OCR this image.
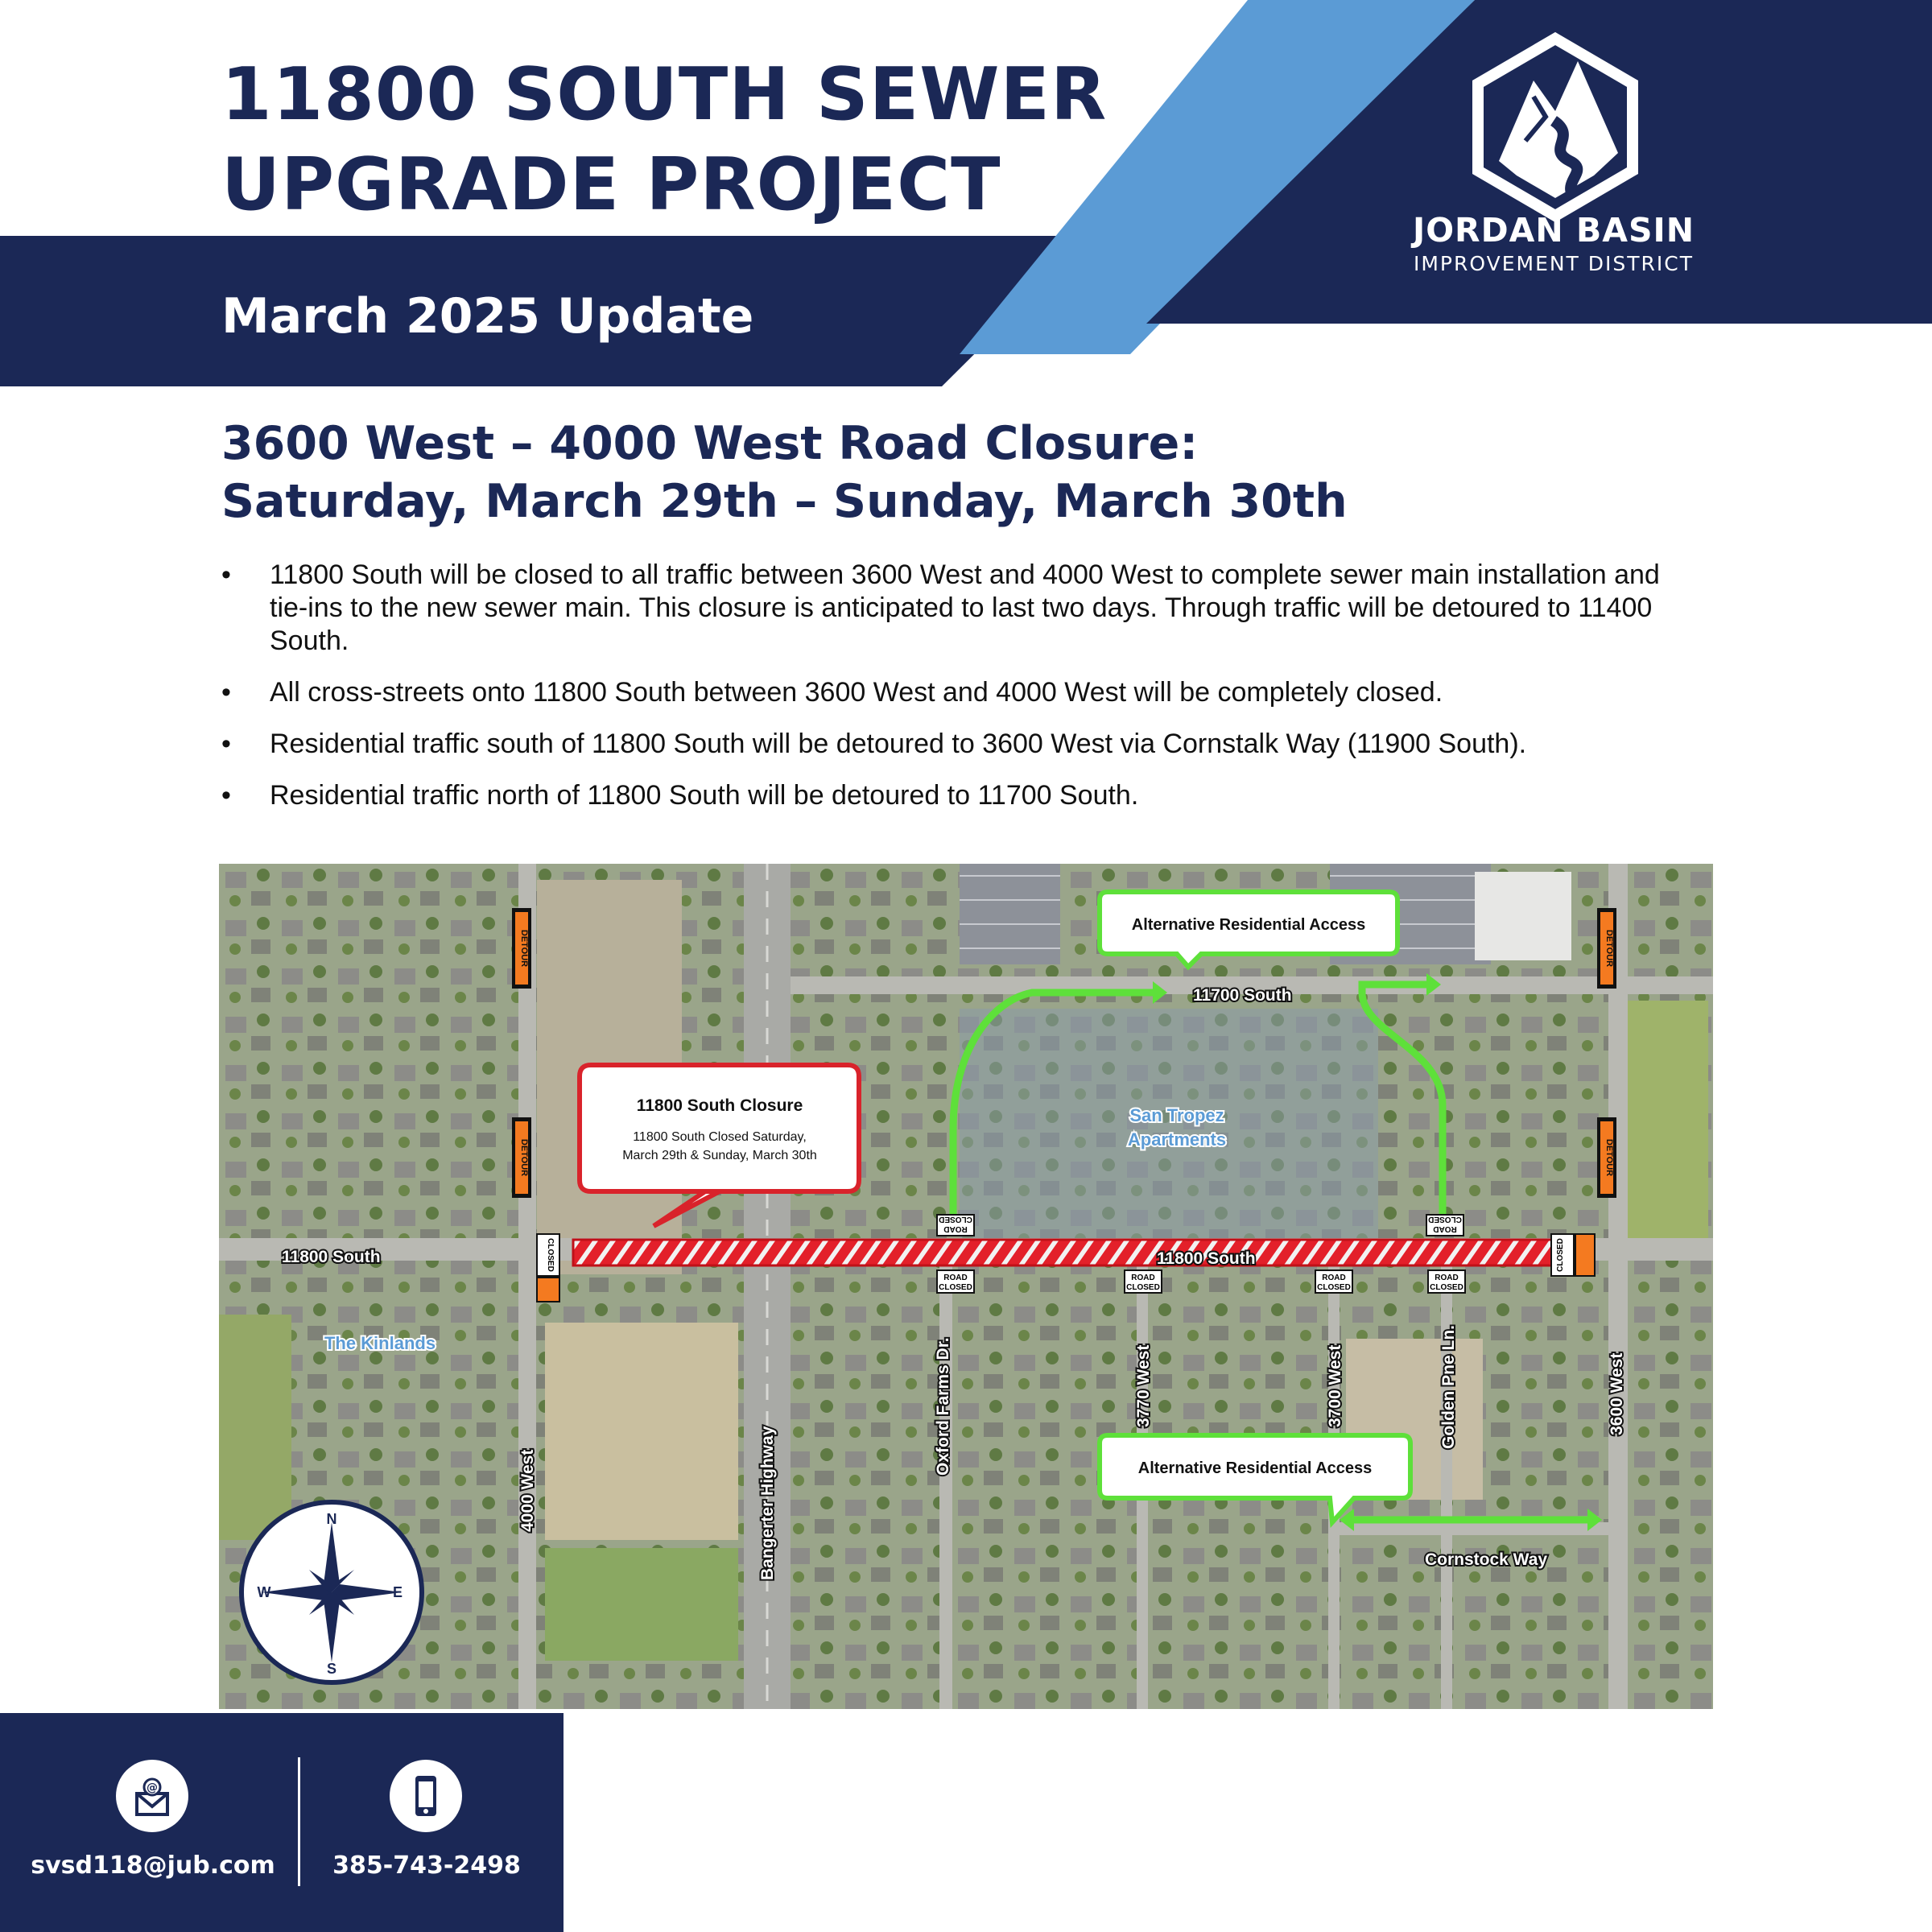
11800 SOUTH SEWER
UPGRADE PROJECT
March 2025 Update
JORDAN BASIN
IMPROVEMENT DISTRICT
3600 West – 4000 West Road Closure:
Saturday, March 29th – Sunday, March 30th
• 11800 South will be closed to all traffic between 3600 West and 4000 West to complete sewer main installation and tie-ins to the new sewer main. This closure is anticipated to last two days. Through traffic will be detoured to 11400 South.
• All cross-streets onto 11800 South between 3600 West and 4000 West will be completely closed.
• Residential traffic south of 11800 South will be detoured to 3600 West via Cornstalk Way (11900 South).
• Residential traffic north of 11800 South will be detoured to 11700 South.
DETOUR
DETOUR
DETOUR
DETOUR
ROAD
CLOSED
ROAD
CLOSED
ROAD
CLOSED
ROAD
CLOSED
ROAD
CLOSED
ROAD
CLOSED
CLOSED	CLOSED
11800 South	11800 South
11700 South
4000 West	Bangerter Highway
Oxford Farms Dr.	3770 West	3700 West	Golden Pne Ln.	3600 West
Cornstock Way
San Tropez
Apartments
The Kinlands
11800 South Closure
11800 South Closed Saturday,
March 29th & Sunday, March 30th
Alternative Residential Access
Alternative Residential Access
N
S
W	E
@
svsd118@jub.com	385-743-2498
